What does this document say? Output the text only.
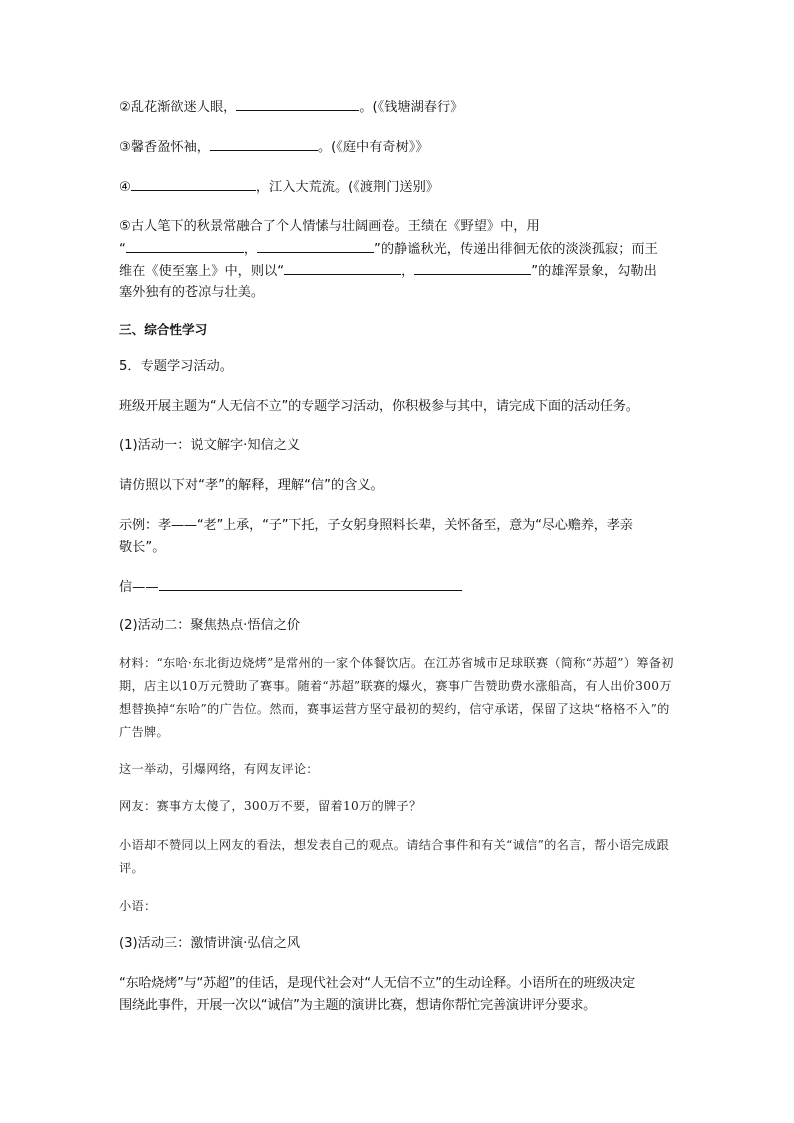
②乱花渐欲迷人眼，	。(《钱塘湖春行》

③馨香盈怀袖，	。(《庭中有奇树》》

④	，江入大荒流。(《渡荆门送别》

⑤古人笔下的秋景常融合了个人情愫与壮阔画卷。王绩在《野望》中，用

“	，	”的静谧秋光，传递出徘徊无依的淡淡孤寂；而王

维在《使至塞上》中，则以“	，	”的雄浑景象，勾勒出

塞外独有的苍凉与壮美。

三、综合性学习

5．专题学习活动。

班级开展主题为“人无信不立”的专题学习活动，你积极参与其中，请完成下面的活动任务。

(1)活动一：说文解字·知信之义

请仿照以下对“孝”的解释，理解“信”的含义。

示例：孝——“老”上承，“子”下托，子女躬身照料长辈，关怀备至，意为“尽心赡养，孝亲

敬长”。

信——

(2)活动二：聚焦热点·悟信之价

材料：“东哈·东北街边烧烤”是常州的一家个体餐饮店。在江苏省城市足球联赛（简称“苏超”）筹备初期，店主以10万元赞助了赛事。随着“苏超”联赛的爆火，赛事广告赞助费水涨船高，有人出价300万想替换掉“东哈”的广告位。然而，赛事运营方坚守最初的契约，信守承诺，保留了这块“格格不入”的广告牌。

这一举动，引爆网络，有网友评论：

网友：赛事方太傻了，300万不要，留着10万的牌子？

小语却不赞同以上网友的看法，想发表自己的观点。请结合事件和有关“诚信”的名言，帮小语完成跟评。

小语：

(3)活动三：激情讲演·弘信之风

“东哈烧烤”与“苏超”的佳话，是现代社会对“人无信不立”的生动诠释。小语所在的班级决定

围绕此事件，开展一次以“诚信”为主题的演讲比赛，想请你帮忙完善演讲评分要求。
